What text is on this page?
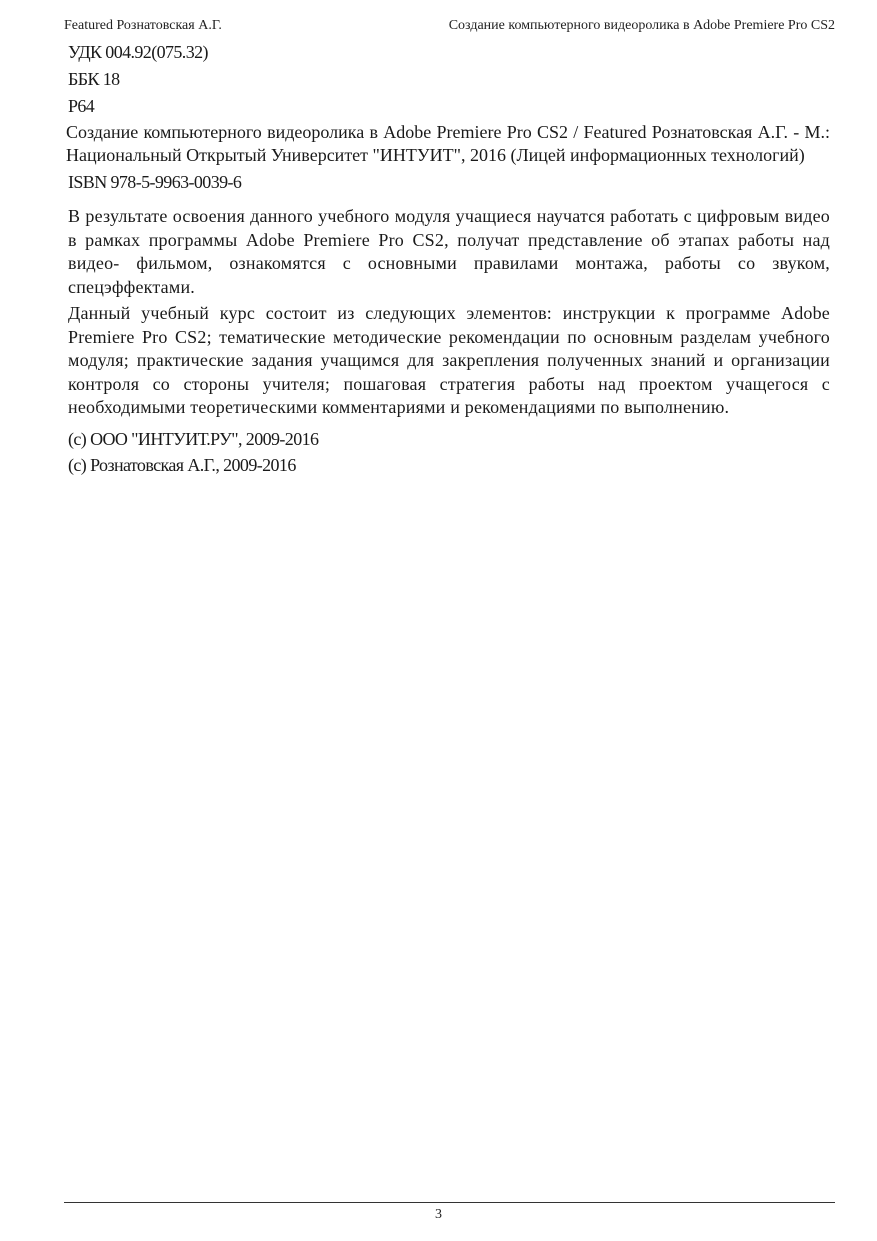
Featured Рознатовская А.Г.	Создание компьютерного видеоролика в Adobe Premiere Pro CS2

УДК 004.92(075.32)

ББК 18

Р64

Создание компьютерного видеоролика в Adobe Premiere Pro CS2 / Featured Рознатовская А.Г. - М.: Национальный Открытый Университет "ИНТУИТ", 2016 (Лицей информационных технологий)

ISBN 978-5-9963-0039-6

В результате освоения данного учебного модуля учащиеся научатся работать с цифровым видео в рамках программы Adobe Premiere Pro CS2, получат представление об этапах работы над видео- фильмом, ознакомятся с основными правилами монтажа, работы со звуком, спецэффектами.

Данный учебный курс состоит из следующих элементов: инструкции к программе Adobe Premiere Pro CS2; тематические методические рекомендации по основным разделам учебного модуля; практические задания учащимся для закрепления полученных знаний и организации контроля со стороны учителя; пошаговая стратегия работы над проектом учащегося с необходимыми теоретическими комментариями и рекомендациями по выполнению.

(c) ООО "ИНТУИТ.РУ", 2009-2016

(c) Рознатовская А.Г., 2009-2016

3
